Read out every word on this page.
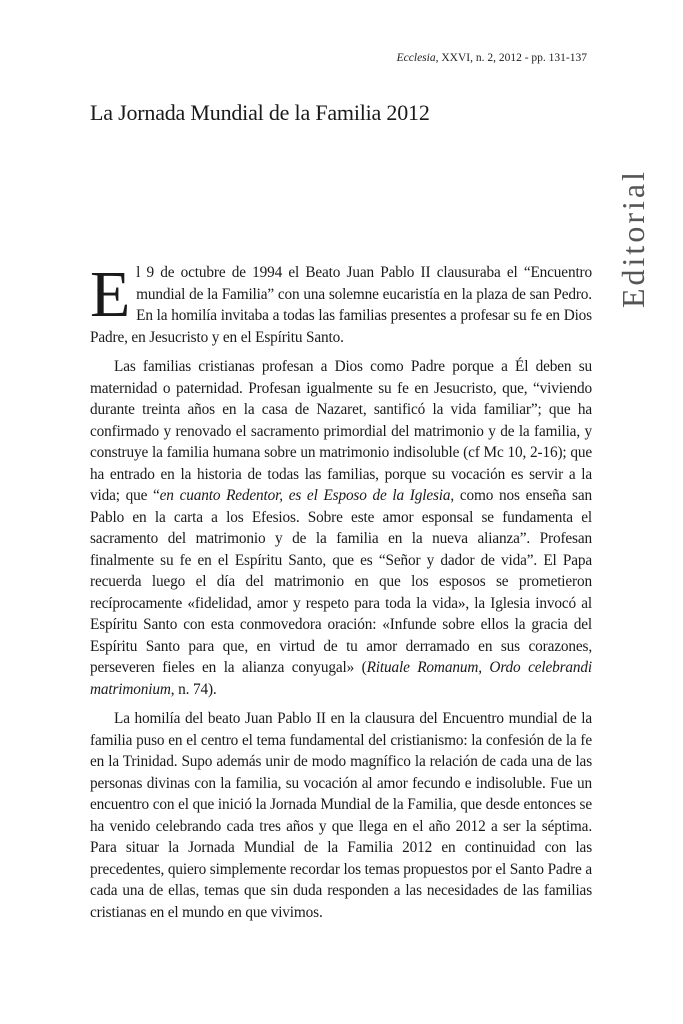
Ecclesia, XXVI, n. 2, 2012 - pp. 131-137
La Jornada Mundial de la Familia 2012
Editorial

El 9 de octubre de 1994 el Beato Juan Pablo II clausuraba el “Encuentro mundial de la Familia” con una solemne eucaristía en la plaza de san Pedro. En la homilía invitaba a todas las familias presentes a profesar su fe en Dios Padre, en Jesucristo y en el Espíritu Santo.

Las familias cristianas profesan a Dios como Padre porque a Él deben su maternidad o paternidad. Profesan igualmente su fe en Jesucristo, que, “viviendo durante treinta años en la casa de Nazaret, santificó la vida familiar”; que ha confirmado y renovado el sacramento primordial del matrimonio y de la familia, y construye la familia humana sobre un matrimonio indisoluble (cf Mc 10, 2-16); que ha entrado en la historia de todas las familias, porque su vocación es servir a la vida; que “en cuanto Redentor, es el Esposo de la Iglesia, como nos enseña san Pablo en la carta a los Efesios. Sobre este amor esponsal se fundamenta el sacramento del matrimonio y de la familia en la nueva alianza”. Profesan finalmente su fe en el Espíritu Santo, que es “Señor y dador de vida”. El Papa recuerda luego el día del matrimonio en que los esposos se prometieron recíprocamente «fidelidad, amor y respeto para toda la vida», la Iglesia invocó al Espíritu Santo con esta conmovedora oración: «Infunde sobre ellos la gracia del Espíritu Santo para que, en virtud de tu amor derramado en sus corazones, perseveren fieles en la alianza conyugal» (Rituale Romanum, Ordo celebrandi matrimonium, n. 74).

La homilía del beato Juan Pablo II en la clausura del Encuentro mundial de la familia puso en el centro el tema fundamental del cristianismo: la confesión de la fe en la Trinidad. Supo además unir de modo magnífico la relación de cada una de las personas divinas con la familia, su vocación al amor fecundo e indisoluble. Fue un encuentro con el que inició la Jornada Mundial de la Familia, que desde entonces se ha venido celebrando cada tres años y que llega en el año 2012 a ser la séptima. Para situar la Jornada Mundial de la Familia 2012 en continuidad con las precedentes, quiero simplemente recordar los temas propuestos por el Santo Padre a cada una de ellas, temas que sin duda responden a las necesidades de las familias cristianas en el mundo en que vivimos.
